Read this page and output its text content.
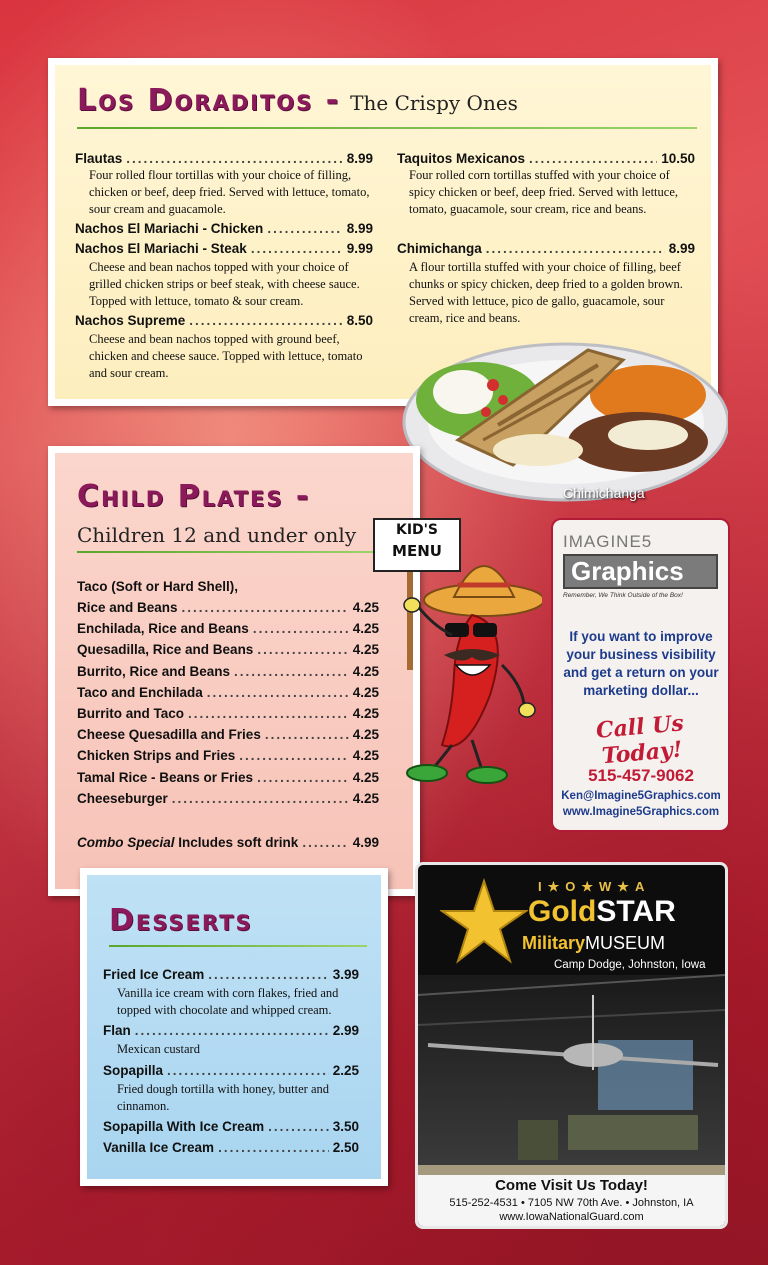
Los Doraditos - The Crispy Ones
Flautas .....	8.99
Four rolled flour tortillas with your choice of filling, chicken or beef, deep fried. Served with lettuce, tomato, sour cream and guacamole.
Nachos El Mariachi - Chicken .....	8.99
Nachos El Mariachi - Steak .....	9.99
Cheese and bean nachos topped with your choice of grilled chicken strips or beef steak, with cheese sauce. Topped with lettuce, tomato & sour cream.
Nachos Supreme .....	8.50
Cheese and bean nachos topped with ground beef, chicken and cheese sauce. Topped with lettuce, tomato and sour cream.
Taquitos Mexicanos .....	10.50
Four rolled corn tortillas stuffed with your choice of spicy chicken or beef, deep fried. Served with lettuce, tomato, guacamole, sour cream, rice and beans.
Chimichanga .....	8.99
A flour tortilla stuffed with your choice of filling, beef chunks or spicy chicken, deep fried to a golden brown. Served with lettuce, pico de gallo, guacamole, sour cream, rice and beans.
Chimichanga
Child Plates -
Children 12 and under only
Taco (Soft or Hard Shell),
Rice and Beans .....	4.25
Enchilada, Rice and Beans .....	4.25
Quesadilla, Rice and Beans .....	4.25
Burrito, Rice and Beans .....	4.25
Taco and Enchilada .....	4.25
Burrito and Taco .....	4.25
Cheese Quesadilla and Fries .....	4.25
Chicken Strips and Fries .....	4.25
Tamal Rice - Beans or Fries .....	4.25
Cheeseburger .....	4.25
Combo Special Includes soft drink .....	4.99
KID'S
MENU
Desserts
Fried Ice Cream .....	3.99
Vanilla ice cream with corn flakes, fried and topped with chocolate and whipped cream.
Flan .....	2.99
Mexican custard
Sopapilla .....	2.25
Fried dough tortilla with honey, butter and cinnamon.
Sopapilla With Ice Cream .....	3.50
Vanilla Ice Cream .....	2.50
IMAGINE5
Graphics
Remember, We Think Outside of the Box!
If you want to improve your business visibility and get a return on your marketing dollar...
Call Us Today!
515-457-9062
Ken@Imagine5Graphics.com
www.Imagine5Graphics.com
I★O★W★A
GoldSTAR
MilitaryMUSEUM
Camp Dodge, Johnston, Iowa
Come Visit Us Today!
515-252-4531 • 7105 NW 70th Ave. • Johnston, IA
www.IowaNationalGuard.com
